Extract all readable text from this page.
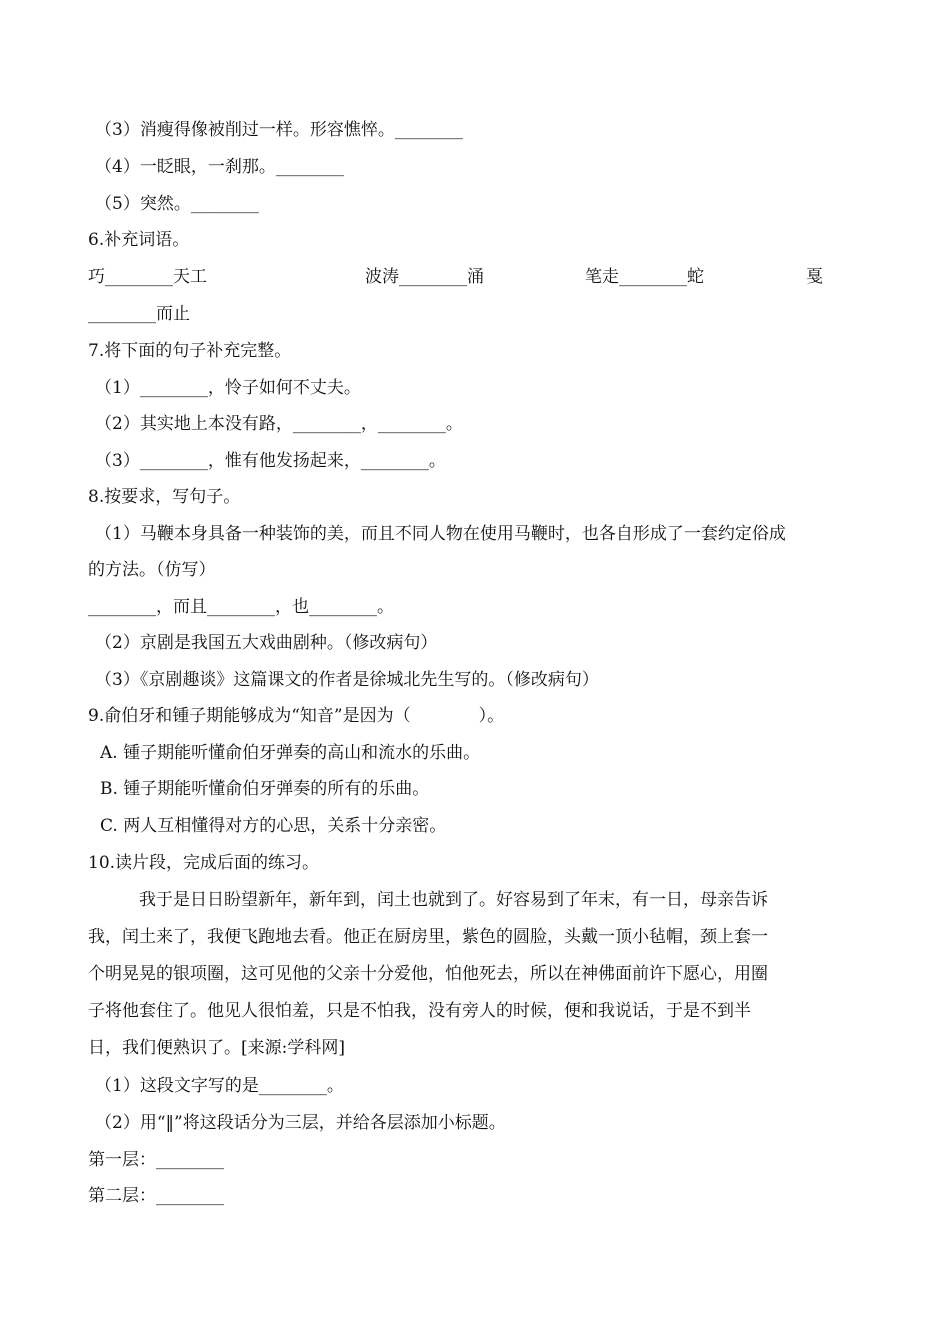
（3）消瘦得像被削过一样。形容憔悴。________
（4）一眨眼，一刹那。________
（5）突然。________
6.补充词语。
巧________天工	波涛________涌	笔走________蛇	戛
________而止
7.将下面的句子补充完整。
（1）________，怜子如何不丈夫。
（2）其实地上本没有路，________，________。
（3）________，惟有他发扬起来，________。
8.按要求，写句子。
（1）马鞭本身具备一种装饰的美，而且不同人物在使用马鞭时，也各自形成了一套约定俗成
的方法。（仿写）
________，而且________，也________。
（2）京剧是我国五大戏曲剧种。（修改病句）
（3）《京剧趣谈》这篇课文的作者是徐城北先生写的。（修改病句）
9.俞伯牙和锺子期能够成为“知音”是因为（　　　　）。
A. 锺子期能听懂俞伯牙弹奏的高山和流水的乐曲。
B. 锺子期能听懂俞伯牙弹奏的所有的乐曲。
C. 两人互相懂得对方的心思，关系十分亲密。
10.读片段，完成后面的练习。
　　　我于是日日盼望新年，新年到，闰土也就到了。好容易到了年末，有一日，母亲告诉
我，闰土来了，我便飞跑地去看。他正在厨房里，紫色的圆脸，头戴一顶小毡帽，颈上套一
个明晃晃的银项圈，这可见他的父亲十分爱他，怕他死去，所以在神佛面前许下愿心，用圈
子将他套住了。他见人很怕羞，只是不怕我，没有旁人的时候，便和我说话，于是不到半
日，我们便熟识了。[来源:学科网]
（1）这段文字写的是________。
（2）用“‖”将这段话分为三层，并给各层添加小标题。
第一层：________
第二层：________
